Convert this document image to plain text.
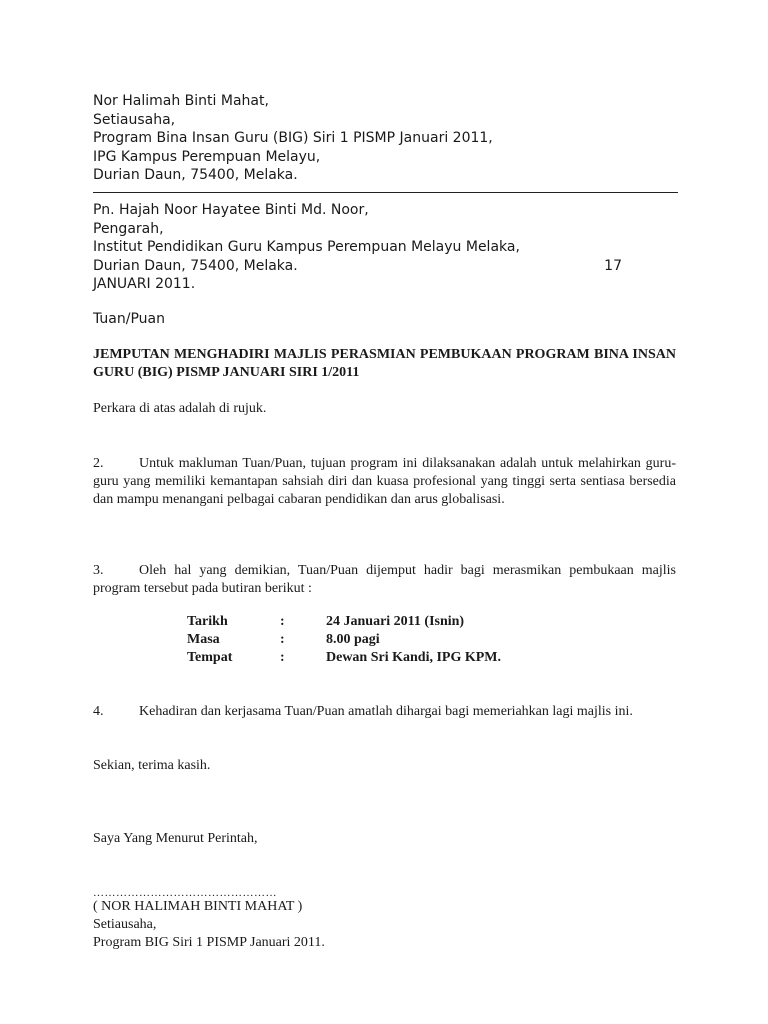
Nor Halimah Binti Mahat,
Setiausaha,
Program Bina Insan Guru (BIG) Siri 1 PISMP Januari 2011,
IPG Kampus Perempuan Melayu,
Durian Daun, 75400, Melaka.
Pn. Hajah Noor Hayatee Binti Md. Noor,
Pengarah,
Institut Pendidikan Guru Kampus Perempuan Melayu Melaka,
Durian Daun, 75400, Melaka.	17
JANUARI 2011.
Tuan/Puan
JEMPUTAN MENGHADIRI MAJLIS PERASMIAN PEMBUKAAN PROGRAM BINA INSAN GURU (BIG) PISMP JANUARI SIRI 1/2011
Perkara di atas adalah di rujuk.
2.	Untuk makluman Tuan/Puan, tujuan program ini dilaksanakan adalah untuk melahirkan guru-guru yang memiliki kemantapan sahsiah diri dan kuasa profesional yang tinggi serta sentiasa bersedia dan mampu menangani pelbagai cabaran pendidikan dan arus globalisasi.
3.	Oleh hal yang demikian, Tuan/Puan dijemput hadir bagi merasmikan pembukaan majlis program tersebut pada butiran berikut :
Tarikh	:	24 Januari 2011 (Isnin)
Masa	:	8.00 pagi
Tempat	:	Dewan Sri Kandi, IPG KPM.
4.	Kehadiran dan kerjasama Tuan/Puan amatlah dihargai bagi memeriahkan lagi majlis ini.
Sekian, terima kasih.
Saya Yang Menurut Perintah,
…………………………………………
( NOR HALIMAH BINTI MAHAT )
Setiausaha,
Program BIG Siri 1 PISMP Januari 2011.
